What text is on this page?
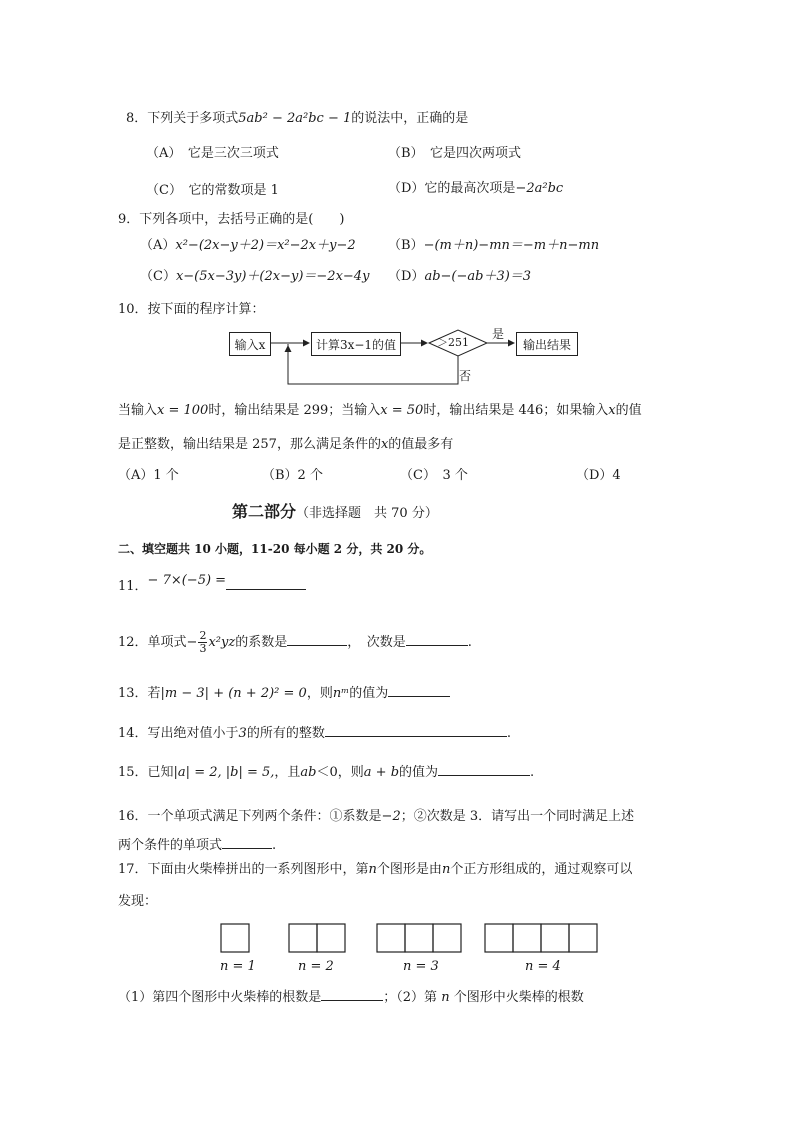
8．下列关于多项式5ab² − 2a²bc − 1的说法中，正确的是
（A）　它是三次三项式	（B）　它是四次两项式
（C）　它的常数项是 1	（D）它的最高次项是−2a²bc
9．下列各项中，去括号正确的是(　　)
（A）x²−(2x−y＋2)＝x²−2x＋y−2 （B）−(m＋n)−mn＝−m＋n−mn
（C）x−(5x−3y)＋(2x−y)＝−2x−4y （D）ab−(−ab＋3)＝3
10．按下面的程序计算：
输入x	计算3x−1的值	输出结果
＞251
是
否
当输入x = 100时，输出结果是 299；当输入x = 50时，输出结果是 446；如果输入x的值
是正整数，输出结果是 257，那么满足条件的x的值最多有
（A）1 个	（B）2 个	（C）　3 个	（D）4
第二部分（非选择题　共 70 分）
二、填空题共 10 小题，11-20 每小题 2 分，共 20 分。
11．− 7×(−5) =
12．单项式− $\frac{2}{3} x^2yz$的系数是	，　次数是	.
13．若|m − 3| + (n + 2)² = 0，则nᵐ的值为
14．写出绝对值小于3的所有的整数	.
15．已知|a| = 2, |b| = 5,，且ab＜0，则a + b的值为	.
16．一个单项式满足下列两个条件：①系数是−2；②次数是 3．请写出一个同时满足上述
两个条件的单项式	.
17．下面由火柴棒拼出的一系列图形中，第n个图形是由n个正方形组成的，通过观察可以
发现：
n = 1	n = 2	n = 3	n = 4
（1）第四个图形中火柴棒的根数是	；（2）第 n 个图形中火柴棒的根数
